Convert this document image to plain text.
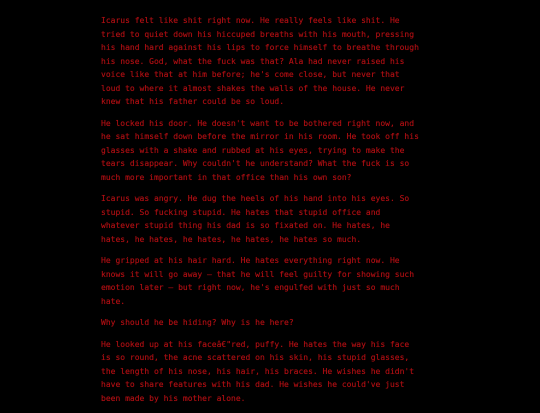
Icarus felt like shit right now. He really feels like shit. He
tried to quiet down his hiccuped breaths with his mouth, pressing
his hand hard against his lips to force himself to breathe through
his nose. God, what the fuck was that? Ala had never raised his
voice like that at him before; he's come close, but never that
loud to where it almost shakes the walls of the house. He never
knew that his father could be so loud.
He locked his door. He doesn't want to be bothered right now, and
he sat himself down before the mirror in his room. He took off his
glasses with a shake and rubbed at his eyes, trying to make the
tears disappear. Why couldn't he understand? What the fuck is so
much more important in that office than his own son?
Icarus was angry. He dug the heels of his hand into his eyes. So
stupid. So fucking stupid. He hates that stupid office and
whatever stupid thing his dad is so fixated on. He hates, he
hates, he hates, he hates, he hates, he hates so much.
He gripped at his hair hard. He hates everything right now. He
knows it will go away — that he will feel guilty for showing such
emotion later — but right now, he's engulfed with just so much
hate.
Why should he be hiding? Why is he here?
He looked up at his faceâ€"red, puffy. He hates the way his face
is so round, the acne scattered on his skin, his stupid glasses,
the length of his nose, his hair, his braces. He wishes he didn't
have to share features with his dad. He wishes he could've just
been made by his mother alone.
